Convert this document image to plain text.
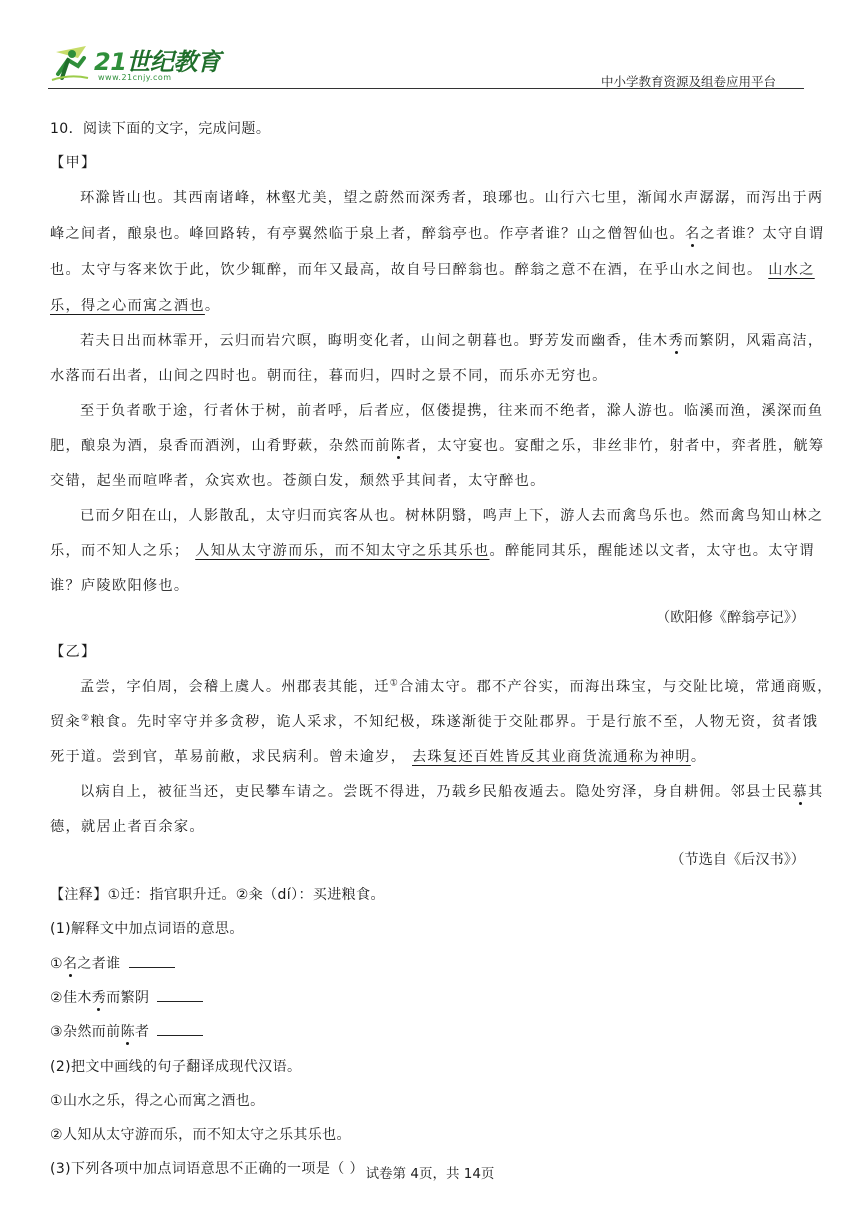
21世纪教育
www.21cnjy.com	中小学教育资源及组卷应用平台
10．阅读下面的文字，完成问题。
【甲】
环滁皆山也。其西南诸峰，林壑尤美，望之蔚然而深秀者，琅琊也。山行六七里，渐闻水声潺潺，而泻出于两
峰之间者，酿泉也。峰回路转，有亭翼然临于泉上者，醉翁亭也。作亭者谁？山之僧智仙也。名之者谁？太守自谓
也。太守与客来饮于此，饮少辄醉，而年又最高，故自号曰醉翁也。醉翁之意不在酒，在乎山水之间也。 山水之
乐，得之心而寓之酒也。
若夫日出而林霏开，云归而岩穴暝，晦明变化者，山间之朝暮也。野芳发而幽香，佳木秀而繁阴，风霜高洁，
水落而石出者，山间之四时也。朝而往，暮而归，四时之景不同，而乐亦无穷也。
至于负者歌于途，行者休于树，前者呼，后者应，伛偻提携，往来而不绝者，滁人游也。临溪而渔，溪深而鱼
肥，酿泉为酒，泉香而酒洌，山肴野蔌，杂然而前陈者，太守宴也。宴酣之乐，非丝非竹，射者中，弈者胜，觥筹
交错，起坐而喧哗者，众宾欢也。苍颜白发，颓然乎其间者，太守醉也。
已而夕阳在山，人影散乱，太守归而宾客从也。树林阴翳，鸣声上下，游人去而禽鸟乐也。然而禽鸟知山林之
乐，而不知人之乐； 人知从太守游而乐，而不知太守之乐其乐也。醉能同其乐，醒能述以文者，太守也。太守谓
谁？庐陵欧阳修也。
（欧阳修《醉翁亭记》）
【乙】
孟尝，字伯周，会稽上虞人。州郡表其能，迁①合浦太守。郡不产谷实，而海出珠宝，与交阯比境，常通商贩，
贸籴②粮食。先时宰守并多贪秽，诡人采求，不知纪极，珠遂渐徙于交阯郡界。于是行旅不至，人物无资，贫者饿
死于道。尝到官，革易前敝，求民病利。曾未逾岁， 去珠复还百姓皆反其业商货流通称为神明。
以病自上，被征当还，吏民攀车请之。尝既不得进，乃载乡民船夜遁去。隐处穷泽，身自耕佣。邻县士民慕其
德，就居止者百余家。
（节选自《后汉书》）
【注释】①迁：指官职升迁。②籴（dí）：买进粮食。
(1)解释文中加点词语的意思。
①名之者谁
②佳木秀而繁阴
③杂然而前陈者
(2)把文中画线的句子翻译成现代汉语。
①山水之乐，得之心而寓之酒也。
②人知从太守游而乐，而不知太守之乐其乐也。
(3)下列各项中加点词语意思不正确的一项是（ ） 试卷第 4页，共 14页
